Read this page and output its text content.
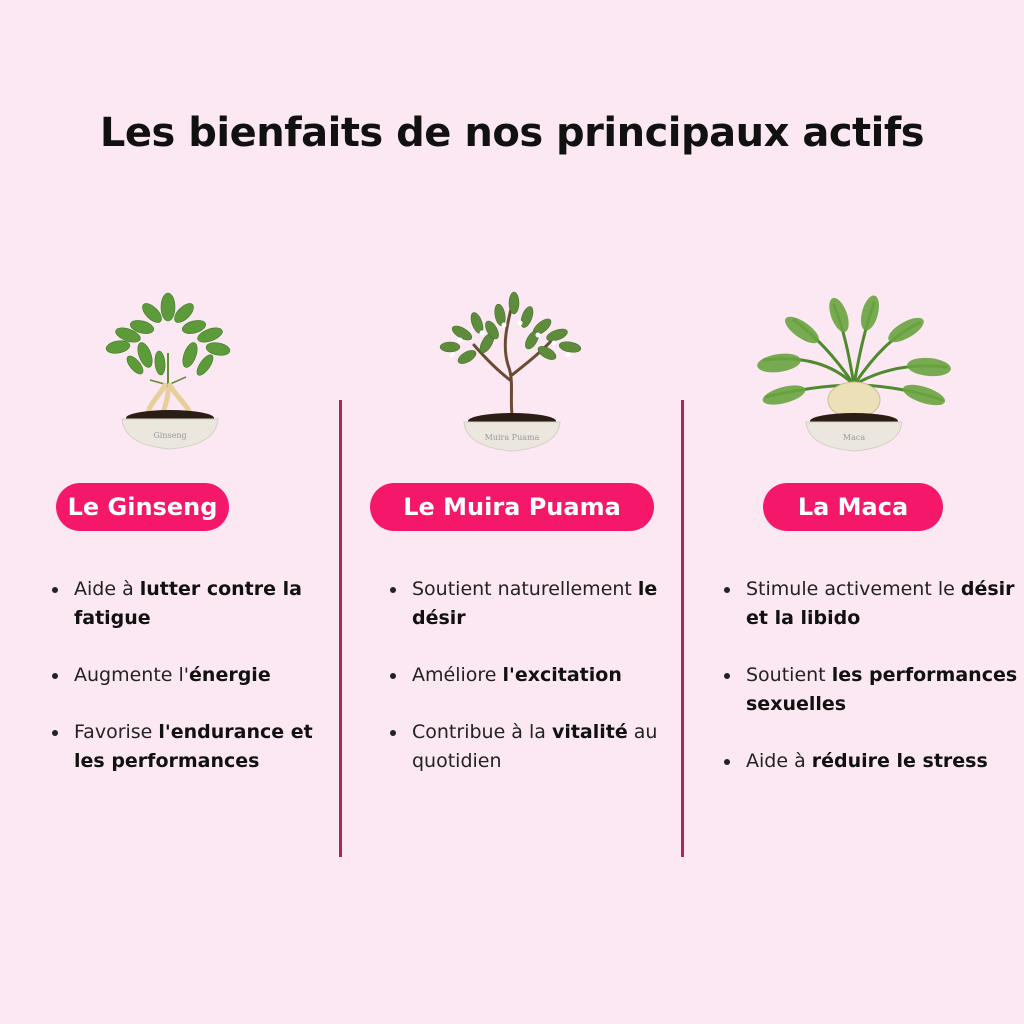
Les bienfaits de nos principaux actifs
Ginseng
Le Ginseng
• Aide à lutter contre la fatigue
• Augmente l'énergie
• Favorise l'endurance et les performances
Muira Puama
Le Muira Puama
• Soutient naturellement le désir
• Améliore l'excitation
• Contribue à la vitalité au quotidien
Maca
La Maca
• Stimule activement le désir et la libido
• Soutient les performances sexuelles
• Aide à réduire le stress
